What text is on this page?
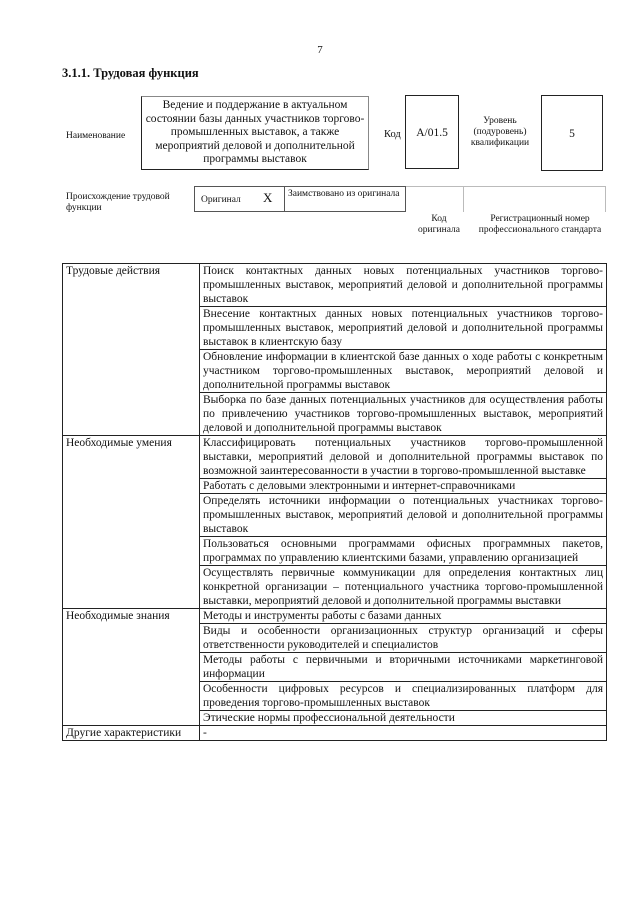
7
3.1.1. Трудовая функция
Наименование
Ведение и поддержание в актуальном состоянии базы данных участников торгово-промышленных выставок, а также мероприятий деловой и дополнительной программы выставок
Код	A/01.5
Уровень (подуровень) квалификации
5
Происхождение трудовой функции
Оригинал X Заимствовано из оригинала
Код оригинала
Регистрационный номер профессионального стандарта
Трудовые действия	Поиск контактных данных новых потенциальных участников торгово-промышленных выставок, мероприятий деловой и дополнительной программы выставок
	Внесение контактных данных новых потенциальных участников торгово-промышленных выставок, мероприятий деловой и дополнительной программы выставок в клиентскую базу
	Обновление информации в клиентской базе данных о ходе работы с конкретным участником торгово-промышленных выставок, мероприятий деловой и дополнительной программы выставок
	Выборка по базе данных потенциальных участников для осуществления работы по привлечению участников торгово-промышленных выставок, мероприятий деловой и дополнительной программы выставок
Необходимые умения	Классифицировать потенциальных участников торгово-промышленной выставки, мероприятий деловой и дополнительной программы выставок по возможной заинтересованности в участии в торгово-промышленной выставке
	Работать с деловыми электронными и интернет-справочниками
	Определять источники информации о потенциальных участниках торгово-промышленных выставок, мероприятий деловой и дополнительной программы выставок
	Пользоваться основными программами офисных программных пакетов, программах по управлению клиентскими базами, управлению организацией
	Осуществлять первичные коммуникации для определения контактных лиц конкретной организации – потенциального участника торгово-промышленной выставки, мероприятий деловой и дополнительной программы выставки
Необходимые знания	Методы и инструменты работы с базами данных
	Виды и особенности организационных структур организаций и сферы ответственности руководителей и специалистов
	Методы работы с первичными и вторичными источниками маркетинговой информации
	Особенности цифровых ресурсов и специализированных платформ для проведения торгово-промышленных выставок
	Этические нормы профессиональной деятельности
Другие характеристики	-
